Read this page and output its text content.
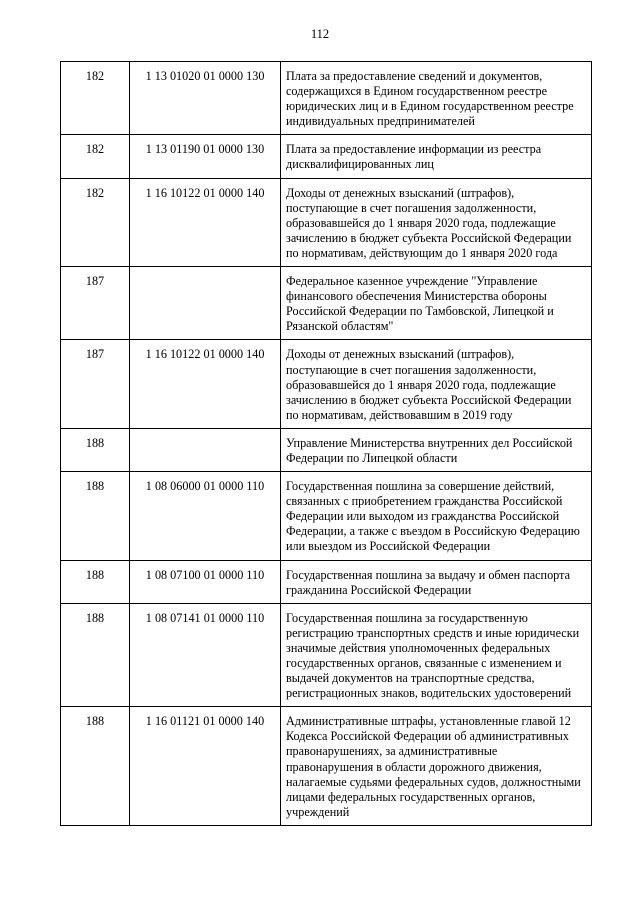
112
182	1 13 01020 01 0000 130	Плата за предоставление сведений и документов, содержащихся в Едином государственном реестре юридических лиц и в Едином государственном реестре индивидуальных предпринимателей
182	1 13 01190 01 0000 130	Плата за предоставление информации из реестра дисквалифицированных лиц
182	1 16 10122 01 0000 140	Доходы от денежных взысканий (штрафов), поступающие в счет погашения задолженности, образовавшейся до 1 января 2020 года, подлежащие зачислению в бюджет субъекта Российской Федерации по нормативам, действующим до 1 января 2020 года
187		Федеральное казенное учреждение "Управление финансового обеспечения Министерства обороны Российской Федерации по Тамбовской, Липецкой и Рязанской областям"
187	1 16 10122 01 0000 140	Доходы от денежных взысканий (штрафов), поступающие в счет погашения задолженности, образовавшейся до 1 января 2020 года, подлежащие зачислению в бюджет субъекта Российской Федерации по нормативам, действовавшим в 2019 году
188		Управление Министерства внутренних дел Российской Федерации по Липецкой области
188	1 08 06000 01 0000 110	Государственная пошлина за совершение действий, связанных с приобретением гражданства Российской Федерации или выходом из гражданства Российской Федерации, а также с въездом в Российскую Федерацию или выездом из Российской Федерации
188	1 08 07100 01 0000 110	Государственная пошлина за выдачу и обмен паспорта гражданина Российской Федерации
188	1 08 07141 01 0000 110	Государственная пошлина за государственную регистрацию транспортных средств и иные юридически значимые действия уполномоченных федеральных государственных органов, связанные с изменением и выдачей документов на транспортные средства, регистрационных знаков, водительских удостоверений
188	1 16 01121 01 0000 140	Административные штрафы, установленные главой 12 Кодекса Российской Федерации об административных правонарушениях, за административные правонарушения в области дорожного движения, налагаемые судьями федеральных судов, должностными лицами федеральных государственных органов, учреждений
